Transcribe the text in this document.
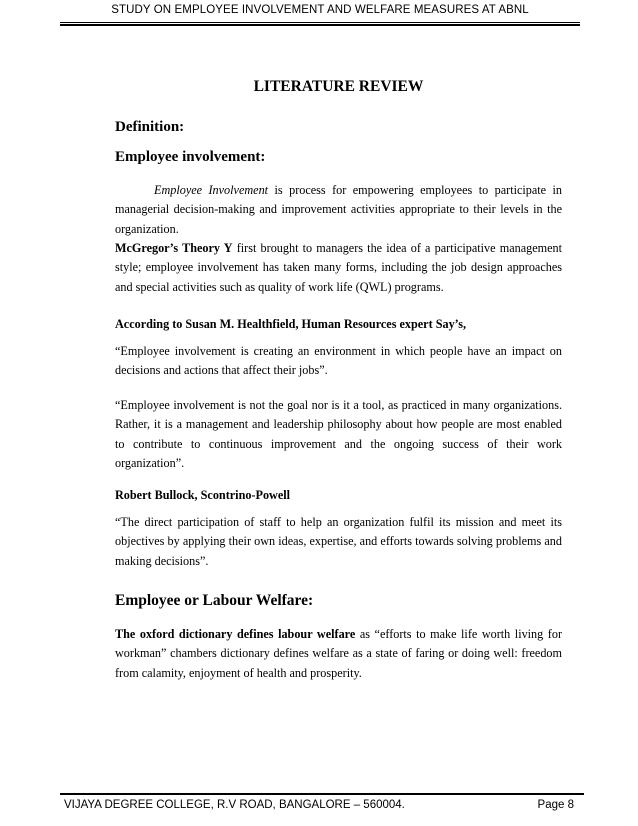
STUDY ON EMPLOYEE INVOLVEMENT AND WELFARE MEASURES AT ABNL
LITERATURE REVIEW
Definition:
Employee involvement:

Employee Involvement is process for empowering employees to participate in managerial decision-making and improvement activities appropriate to their levels in the organization.

McGregor’s Theory Y first brought to managers the idea of a participative management style; employee involvement has taken many forms, including the job design approaches and special activities such as quality of work life (QWL) programs.

According to Susan M. Healthfield, Human Resources expert Say’s,

“Employee involvement is creating an environment in which people have an impact on decisions and actions that affect their jobs”.

“Employee involvement is not the goal nor is it a tool, as practiced in many organizations. Rather, it is a management and leadership philosophy about how people are most enabled to contribute to continuous improvement and the ongoing success of their work organization”.

Robert Bullock, Scontrino-Powell

“The direct participation of staff to help an organization fulfil its mission and meet its objectives by applying their own ideas, expertise, and efforts towards solving problems and making decisions”.

Employee or Labour Welfare:

The oxford dictionary defines labour welfare as “efforts to make life worth living for workman” chambers dictionary defines welfare as a state of faring or doing well: freedom from calamity, enjoyment of health and prosperity.

VIJAYA DEGREE COLLEGE, R.V ROAD, BANGALORE – 560004.	Page 8
